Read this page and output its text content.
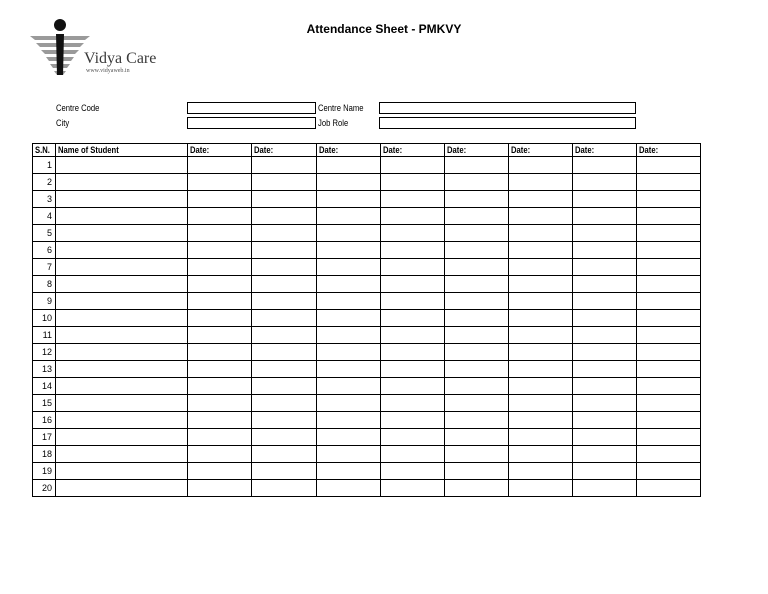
Vidya Care
www.vidyaweb.in
Attendance Sheet - PMKVY
Centre Code
City
Centre Name
Job Role
S.N.	Name of Student	Date:	Date:	Date:	Date:	Date:	Date:	Date:	Date:
1									
2									
3									
4									
5									
6									
7									
8									
9									
10									
11									
12									
13									
14									
15									
16									
17									
18									
19									
20									
